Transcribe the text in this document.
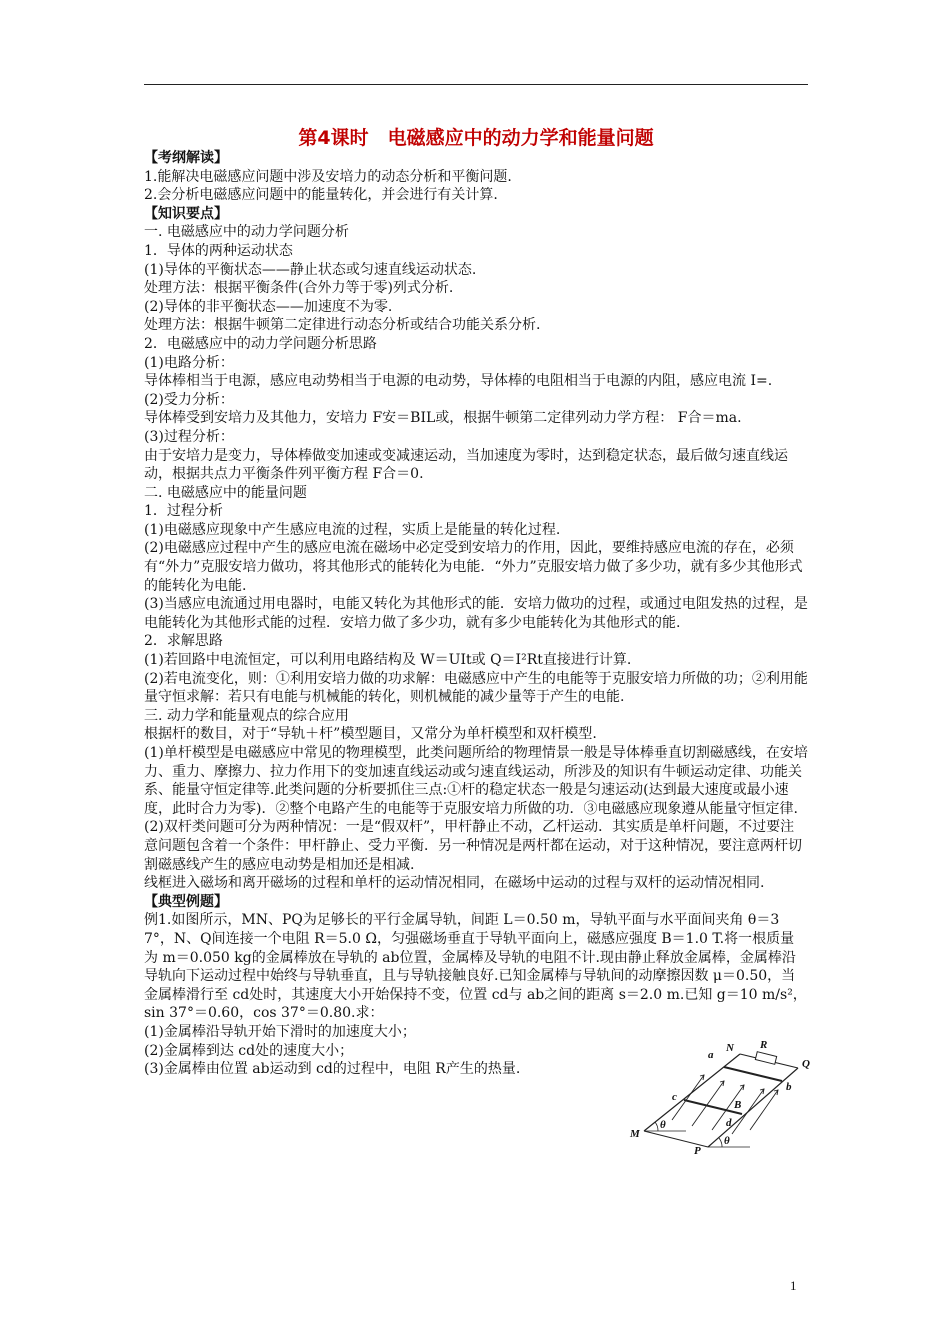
第4课时　电磁感应中的动力学和能量问题

【考纲解读】

1.能解决电磁感应问题中涉及安培力的动态分析和平衡问题.

2.会分析电磁感应问题中的能量转化，并会进行有关计算.

【知识要点】

一. 电磁感应中的动力学问题分析

1．导体的两种运动状态

(1)导体的平衡状态——静止状态或匀速直线运动状态.

处理方法：根据平衡条件(合外力等于零)列式分析.

(2)导体的非平衡状态——加速度不为零.

处理方法：根据牛顿第二定律进行动态分析或结合功能关系分析.

2．电磁感应中的动力学问题分析思路

(1)电路分析：

导体棒相当于电源，感应电动势相当于电源的电动势，导体棒的电阻相当于电源的内阻，感应电流 I=.

(2)受力分析：

导体棒受到安培力及其他力，安培力 F安＝BIL或，根据牛顿第二定律列动力学方程： F合＝ma.

(3)过程分析：

由于安培力是变力，导体棒做变加速或变减速运动，当加速度为零时，达到稳定状态，最后做匀速直线运动，根据共点力平衡条件列平衡方程 F合＝0.

二. 电磁感应中的能量问题

1．过程分析

(1)电磁感应现象中产生感应电流的过程，实质上是能量的转化过程.

(2)电磁感应过程中产生的感应电流在磁场中必定受到安培力的作用，因此，要维持感应电流的存在，必须有“外力”克服安培力做功，将其他形式的能转化为电能．“外力”克服安培力做了多少功，就有多少其他形式的能转化为电能.

(3)当感应电流通过用电器时，电能又转化为其他形式的能．安培力做功的过程，或通过电阻发热的过程，是电能转化为其他形式能的过程．安培力做了多少功，就有多少电能转化为其他形式的能.

2．求解思路

(1)若回路中电流恒定，可以利用电路结构及 W＝UIt或 Q＝I²Rt直接进行计算.

(2)若电流变化，则：①利用安培力做的功求解：电磁感应中产生的电能等于克服安培力所做的功；②利用能量守恒求解：若只有电能与机械能的转化，则机械能的减少量等于产生的电能.

三. 动力学和能量观点的综合应用

根据杆的数目，对于“导轨＋杆”模型题目，又常分为单杆模型和双杆模型.

(1)单杆模型是电磁感应中常见的物理模型，此类问题所给的物理情景一般是导体棒垂直切割磁感线，在安培力、重力、摩擦力、拉力作用下的变加速直线运动或匀速直线运动，所涉及的知识有牛顿运动定律、功能关系、能量守恒定律等.此类问题的分析要抓住三点:①杆的稳定状态一般是匀速运动(达到最大速度或最小速度，此时合力为零)．②整个电路产生的电能等于克服安培力所做的功．③电磁感应现象遵从能量守恒定律.

(2)双杆类问题可分为两种情况：一是“假双杆”，甲杆静止不动，乙杆运动．其实质是单杆问题，不过要注意问题包含着一个条件：甲杆静止、受力平衡．另一种情况是两杆都在运动，对于这种情况，要注意两杆切割磁感线产生的感应电动势是相加还是相减.

线框进入磁场和离开磁场的过程和单杆的运动情况相同，在磁场中运动的过程与双杆的运动情况相同.

【典型例题】

例1.如图所示，MN、PQ为足够长的平行金属导轨，间距 L＝0.50 m，导轨平面与水平面间夹角 θ＝37°，N、Q间连接一个电阻 R＝5.0 Ω，匀强磁场垂直于导轨平面向上，磁感应强度 B＝1.0 T.将一根质量为 m＝0.050 kg的金属棒放在导轨的 ab位置，金属棒及导轨的电阻不计.现由静止释放金属棒，金属棒沿导轨向下运动过程中始终与导轨垂直，且与导轨接触良好.已知金属棒与导轨间的动摩擦因数 μ＝0.50，当金属棒滑行至 cd处时，其速度大小开始保持不变，位置 cd与 ab之间的距离 s＝2.0 m.已知 g＝10 m/s²，sin 37°＝0.60，cos 37°＝0.80.求：

(1)金属棒沿导轨开始下滑时的加速度大小；

(2)金属棒到达 cd处的速度大小；

(3)金属棒由位置 ab运动到 cd的过程中，电阻 R产生的热量.

a
N R
Q
b
c
B
d
M
θ
P
θ
1
